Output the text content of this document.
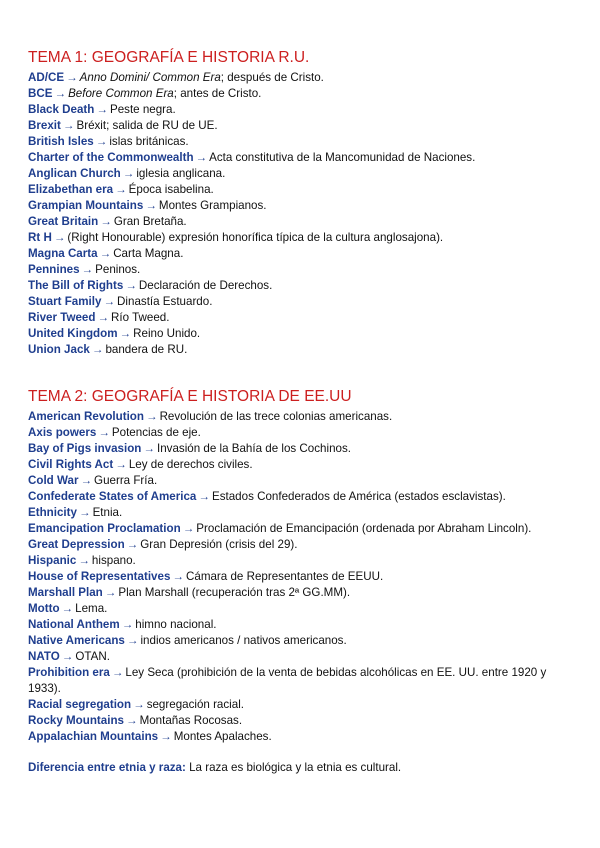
TEMA 1: GEOGRAFÍA E HISTORIA R.U.
AD/CE → Anno Domini/ Common Era; después de Cristo.
BCE → Before Common Era; antes de Cristo.
Black Death → Peste negra.
Brexit → Bréxit; salida de RU de UE.
British Isles → islas británicas.
Charter of the Commonwealth → Acta constitutiva de la Mancomunidad de Naciones.
Anglican Church → iglesia anglicana.
Elizabethan era → Época isabelina.
Grampian Mountains → Montes Grampianos.
Great Britain → Gran Bretaña.
Rt H → (Right Honourable) expresión honorífica típica de la cultura anglosajona).
Magna Carta → Carta Magna.
Pennines → Peninos.
The Bill of Rights → Declaración de Derechos.
Stuart Family → Dinastía Estuardo.
River Tweed → Río Tweed.
United Kingdom → Reino Unido.
Union Jack → bandera de RU.
TEMA 2: GEOGRAFÍA E HISTORIA DE EE.UU
American Revolution → Revolución de las trece colonias americanas.
Axis powers → Potencias de eje.
Bay of Pigs invasion → Invasión de la Bahía de los Cochinos.
Civil Rights Act → Ley de derechos civiles.
Cold War → Guerra Fría.
Confederate States of America → Estados Confederados de América (estados esclavistas).
Ethnicity → Etnia.
Emancipation Proclamation → Proclamación de Emancipación (ordenada por Abraham Lincoln).
Great Depression → Gran Depresión (crisis del 29).
Hispanic → hispano.
House of Representatives → Cámara de Representantes de EEUU.
Marshall Plan → Plan Marshall (recuperación tras 2ª GG.MM).
Motto → Lema.
National Anthem → himno nacional.
Native Americans → indios americanos / nativos americanos.
NATO → OTAN.
Prohibition era → Ley Seca (prohibición de la venta de bebidas alcohólicas en EE. UU. entre 1920 y 1933).
Racial segregation → segregación racial.
Rocky Mountains → Montañas Rocosas.
Appalachian Mountains → Montes Apalaches.
Diferencia entre etnia y raza: La raza es biológica y la etnia es cultural.
